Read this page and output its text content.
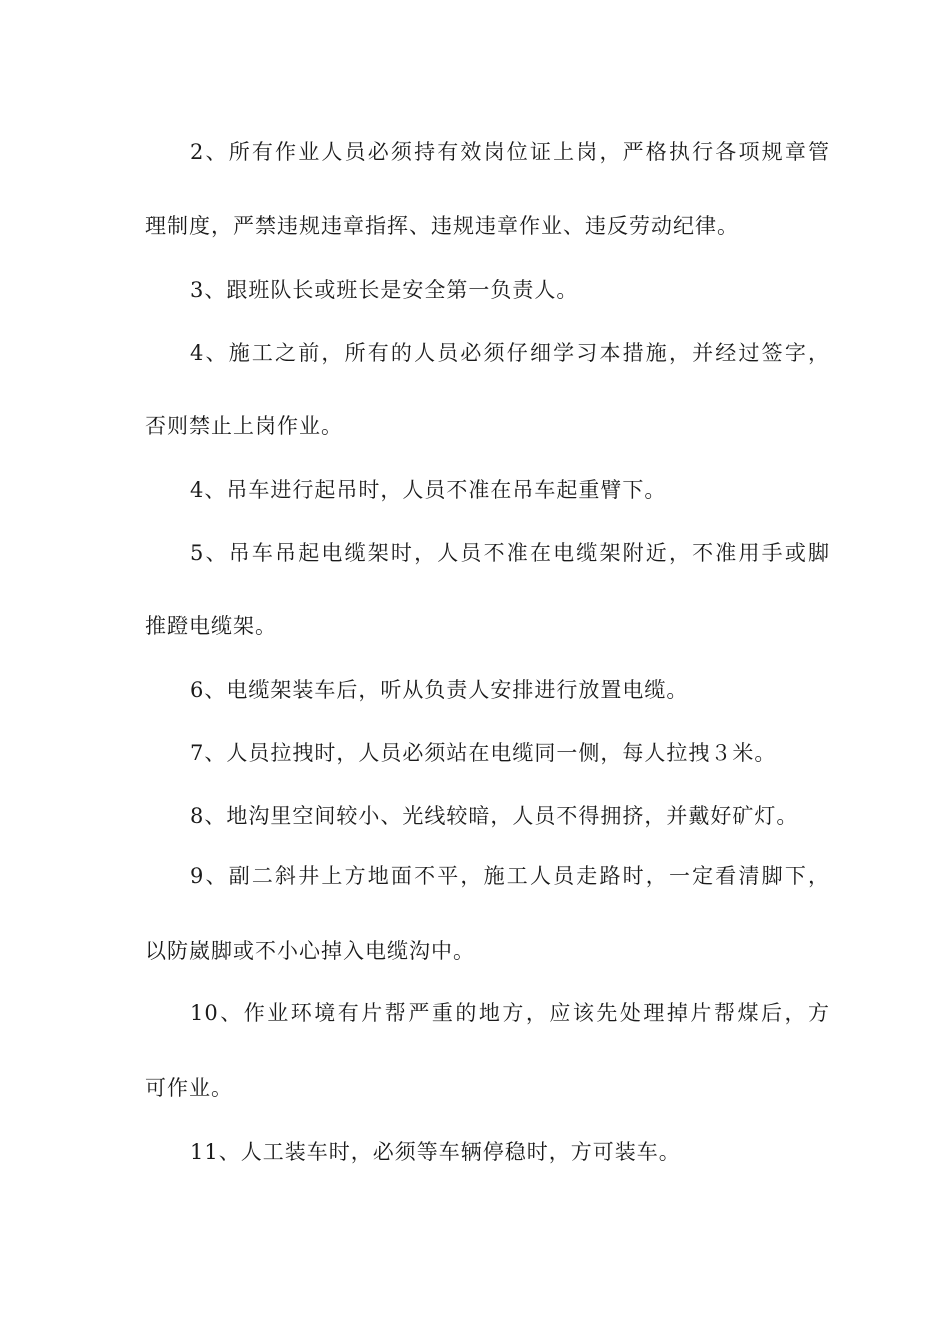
2、所有作业人员必须持有效岗位证上岗，严格执行各项规章管
理制度，严禁违规违章指挥、违规违章作业、违反劳动纪律。
3、跟班队长或班长是安全第一负责人。
4、施工之前，所有的人员必须仔细学习本措施，并经过签字，
否则禁止上岗作业。
4、吊车进行起吊时，人员不准在吊车起重臂下。
5、吊车吊起电缆架时，人员不准在电缆架附近，不准用手或脚
推蹬电缆架。
6、电缆架装车后，听从负责人安排进行放置电缆。
7、人员拉拽时，人员必须站在电缆同一侧，每人拉拽３米。
8、地沟里空间较小、光线较暗，人员不得拥挤，并戴好矿灯。
9、副二斜井上方地面不平，施工人员走路时，一定看清脚下，
以防崴脚或不小心掉入电缆沟中。
10、作业环境有片帮严重的地方，应该先处理掉片帮煤后，方
可作业。
11、人工装车时，必须等车辆停稳时，方可装车。
